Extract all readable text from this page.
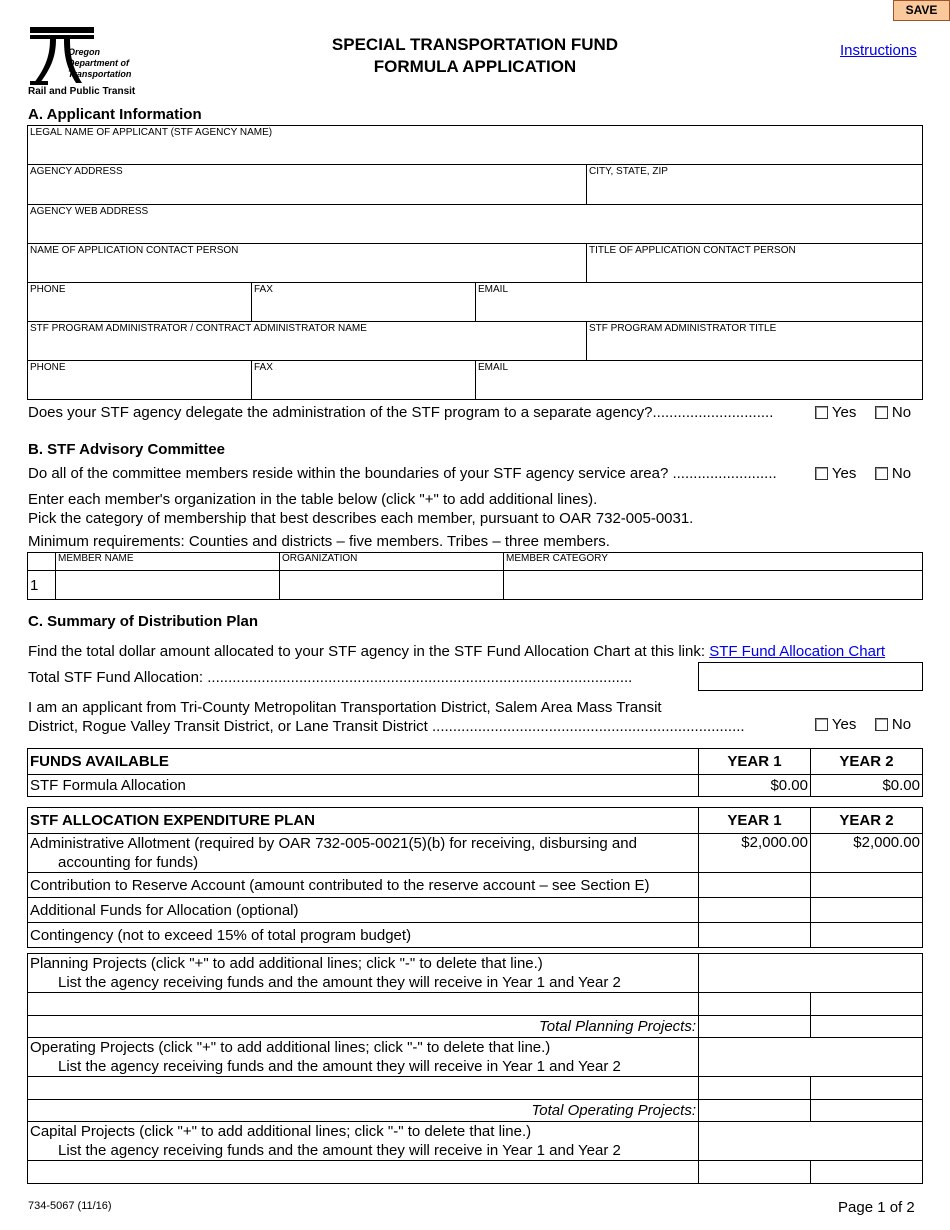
SAVE
Oregon
Department of
Transportation
Rail and Public Transit
SPECIAL TRANSPORTATION FUND
FORMULA APPLICATION
Instructions
A. Applicant Information
LEGAL NAME OF APPLICANT (STF AGENCY NAME)
AGENCY ADDRESS	CITY, STATE, ZIP
AGENCY WEB ADDRESS
NAME OF APPLICATION CONTACT PERSON	TITLE OF APPLICATION CONTACT PERSON
PHONE	FAX	EMAIL
STF PROGRAM ADMINISTRATOR / CONTRACT ADMINISTRATOR NAME	STF PROGRAM ADMINISTRATOR TITLE
PHONE	FAX	EMAIL
Does your STF agency delegate the administration of the STF program to a separate agency?.............................	Yes No
B. STF Advisory Committee
Do all of the committee members reside within the boundaries of your STF agency service area? .........................	Yes No
Enter each member's organization in the table below (click "+" to add additional lines).
Pick the category of membership that best describes each member, pursuant to OAR 732-005-0031.
Minimum requirements: Counties and districts – five members. Tribes – three members.
	MEMBER NAME	ORGANIZATION	MEMBER CATEGORY
1			
C. Summary of Distribution Plan
Find the total dollar amount allocated to your STF agency in the STF Fund Allocation Chart at this link: STF Fund Allocation Chart
Total STF Fund Allocation: ......................................................................................................
I am an applicant from Tri-County Metropolitan Transportation District, Salem Area Mass Transit
District, Rogue Valley Transit District, or Lane Transit District ...........................................................................	Yes No
FUNDS AVAILABLE	YEAR 1	YEAR 2
STF Formula Allocation	$0.00	$0.00
STF ALLOCATION EXPENDITURE PLAN	YEAR 1	YEAR 2

Administrative Allotment (required by OAR 732-005-0021(5)(b) for receiving, disbursing and
accounting for funds)	$2,000.00	$2,000.00
Contribution to Reserve Account (amount contributed to the reserve account – see Section E)		
Additional Funds for Allocation (optional)		
Contingency (not to exceed 15% of total program budget)		
Planning Projects (click "+" to add additional lines; click "-" to delete that line.)
List the agency receiving funds and the amount they will receive in Year 1 and Year 2		

Total Planning Projects:		

Operating Projects (click "+" to add additional lines; click "-" to delete that line.)
List the agency receiving funds and the amount they will receive in Year 1 and Year 2		

Total Operating Projects:		

Capital Projects (click "+" to add additional lines; click "-" to delete that line.)
List the agency receiving funds and the amount they will receive in Year 1 and Year 2		

734-5067 (11/16)	Page 1 of 2
